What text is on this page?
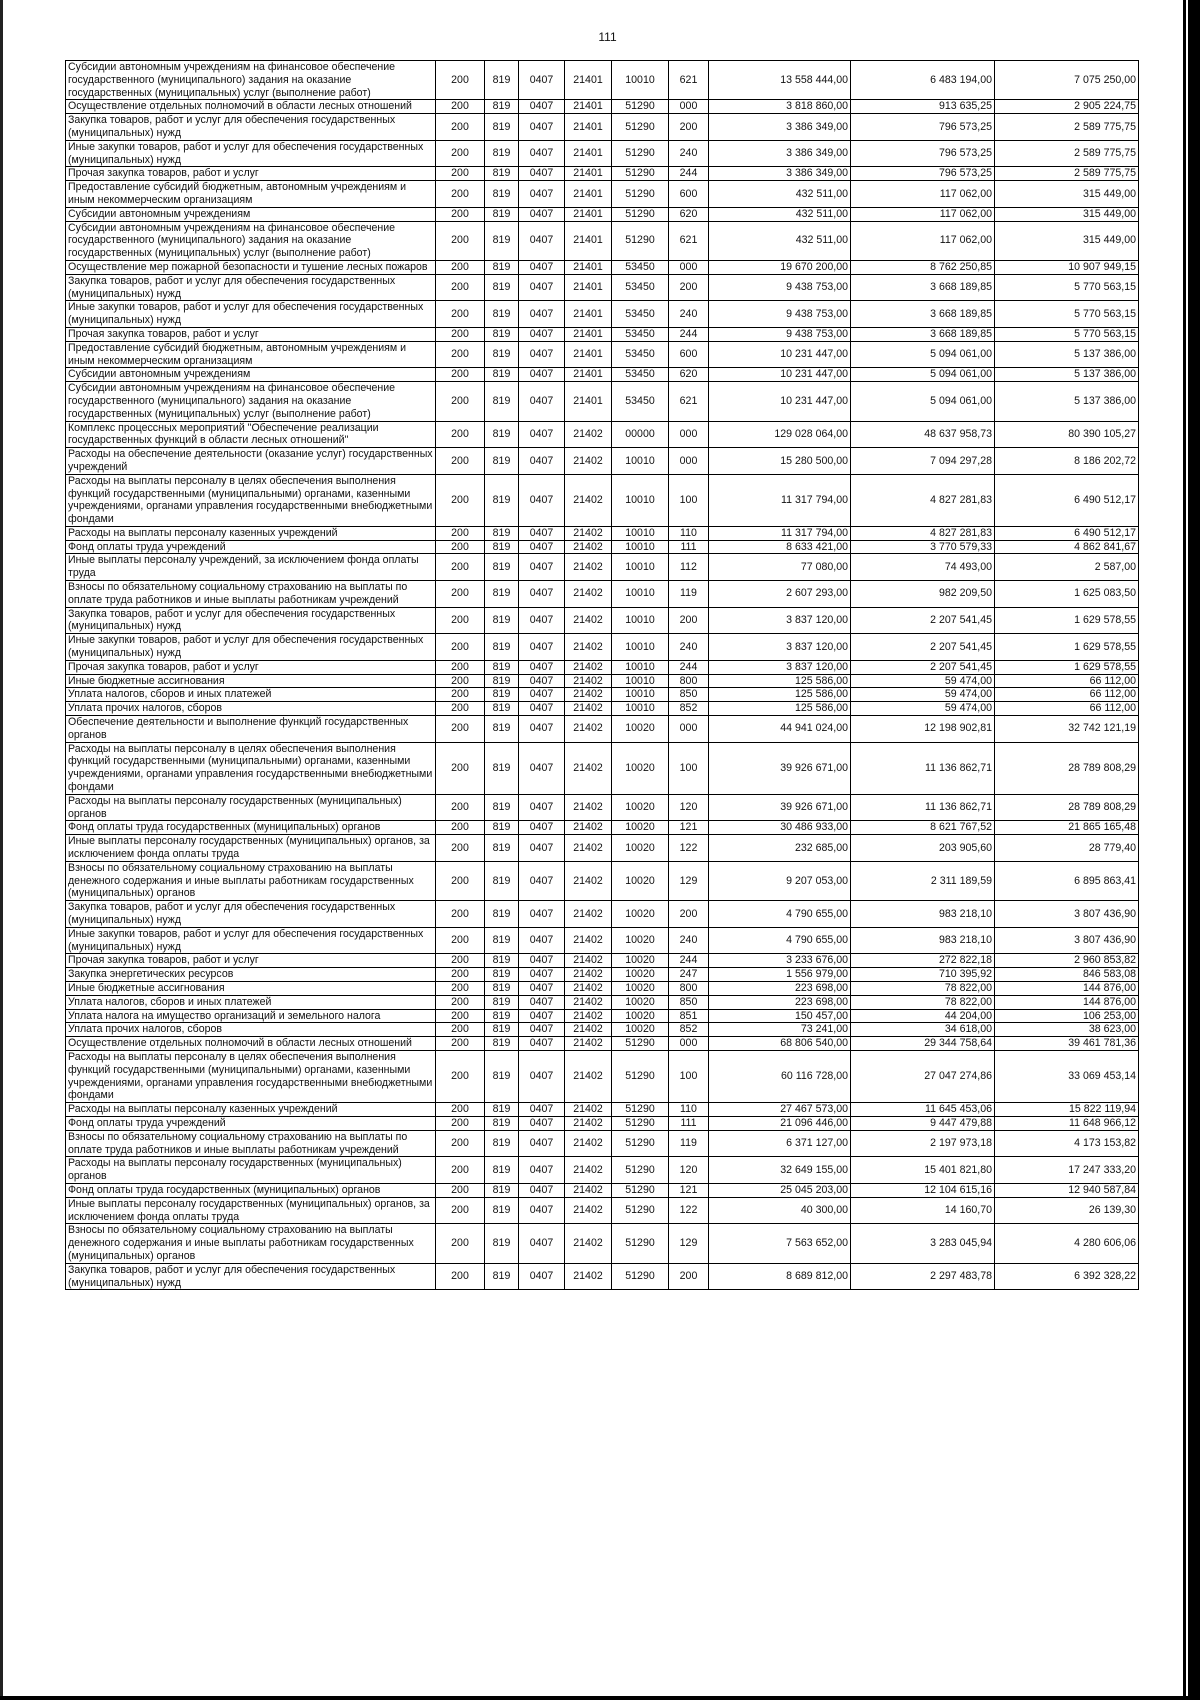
111
Субсидии автономным учреждениям на финансовое обеспечение государственного (муниципального) задания на оказание государственных (муниципальных) услуг (выполнение работ)	200	819	0407	21401	10010	621	13 558 444,00	6 483 194,00	7 075 250,00
Осуществление отдельных полномочий в области лесных отношений	200	819	0407	21401	51290	000	3 818 860,00	913 635,25	2 905 224,75
Закупка товаров, работ и услуг для обеспечения государственных (муниципальных) нужд	200	819	0407	21401	51290	200	3 386 349,00	796 573,25	2 589 775,75
Иные закупки товаров, работ и услуг для обеспечения государственных (муниципальных) нужд	200	819	0407	21401	51290	240	3 386 349,00	796 573,25	2 589 775,75
Прочая закупка товаров, работ и услуг	200	819	0407	21401	51290	244	3 386 349,00	796 573,25	2 589 775,75
Предоставление субсидий бюджетным, автономным учреждениям и иным некоммерческим организациям	200	819	0407	21401	51290	600	432 511,00	117 062,00	315 449,00
Субсидии автономным учреждениям	200	819	0407	21401	51290	620	432 511,00	117 062,00	315 449,00
Субсидии автономным учреждениям на финансовое обеспечение государственного (муниципального) задания на оказание государственных (муниципальных) услуг (выполнение работ)	200	819	0407	21401	51290	621	432 511,00	117 062,00	315 449,00
Осуществление мер пожарной безопасности и тушение лесных пожаров	200	819	0407	21401	53450	000	19 670 200,00	8 762 250,85	10 907 949,15
Закупка товаров, работ и услуг для обеспечения государственных (муниципальных) нужд	200	819	0407	21401	53450	200	9 438 753,00	3 668 189,85	5 770 563,15
Иные закупки товаров, работ и услуг для обеспечения государственных (муниципальных) нужд	200	819	0407	21401	53450	240	9 438 753,00	3 668 189,85	5 770 563,15
Прочая закупка товаров, работ и услуг	200	819	0407	21401	53450	244	9 438 753,00	3 668 189,85	5 770 563,15
Предоставление субсидий бюджетным, автономным учреждениям и иным некоммерческим организациям	200	819	0407	21401	53450	600	10 231 447,00	5 094 061,00	5 137 386,00
Субсидии автономным учреждениям	200	819	0407	21401	53450	620	10 231 447,00	5 094 061,00	5 137 386,00
Субсидии автономным учреждениям на финансовое обеспечение государственного (муниципального) задания на оказание государственных (муниципальных) услуг (выполнение работ)	200	819	0407	21401	53450	621	10 231 447,00	5 094 061,00	5 137 386,00
Комплекс процессных мероприятий "Обеспечение реализации государственных функций в области лесных отношений"	200	819	0407	21402	00000	000	129 028 064,00	48 637 958,73	80 390 105,27
Расходы на обеспечение деятельности (оказание услуг) государственных учреждений	200	819	0407	21402	10010	000	15 280 500,00	7 094 297,28	8 186 202,72
Расходы на выплаты персоналу в целях обеспечения выполнения функций государственными (муниципальными) органами, казенными учреждениями, органами управления государственными внебюджетными фондами	200	819	0407	21402	10010	100	11 317 794,00	4 827 281,83	6 490 512,17
Расходы на выплаты персоналу казенных учреждений	200	819	0407	21402	10010	110	11 317 794,00	4 827 281,83	6 490 512,17
Фонд оплаты труда учреждений	200	819	0407	21402	10010	111	8 633 421,00	3 770 579,33	4 862 841,67
Иные выплаты персоналу учреждений, за исключением фонда оплаты труда	200	819	0407	21402	10010	112	77 080,00	74 493,00	2 587,00
Взносы по обязательному социальному страхованию на выплаты по оплате труда работников и иные выплаты работникам учреждений	200	819	0407	21402	10010	119	2 607 293,00	982 209,50	1 625 083,50
Закупка товаров, работ и услуг для обеспечения государственных (муниципальных) нужд	200	819	0407	21402	10010	200	3 837 120,00	2 207 541,45	1 629 578,55
Иные закупки товаров, работ и услуг для обеспечения государственных (муниципальных) нужд	200	819	0407	21402	10010	240	3 837 120,00	2 207 541,45	1 629 578,55
Прочая закупка товаров, работ и услуг	200	819	0407	21402	10010	244	3 837 120,00	2 207 541,45	1 629 578,55
Иные бюджетные ассигнования	200	819	0407	21402	10010	800	125 586,00	59 474,00	66 112,00
Уплата налогов, сборов и иных платежей	200	819	0407	21402	10010	850	125 586,00	59 474,00	66 112,00
Уплата прочих налогов, сборов	200	819	0407	21402	10010	852	125 586,00	59 474,00	66 112,00
Обеспечение деятельности и выполнение функций государственных органов	200	819	0407	21402	10020	000	44 941 024,00	12 198 902,81	32 742 121,19
Расходы на выплаты персоналу в целях обеспечения выполнения функций государственными (муниципальными) органами, казенными учреждениями, органами управления государственными внебюджетными фондами	200	819	0407	21402	10020	100	39 926 671,00	11 136 862,71	28 789 808,29
Расходы на выплаты персоналу государственных (муниципальных) органов	200	819	0407	21402	10020	120	39 926 671,00	11 136 862,71	28 789 808,29
Фонд оплаты труда государственных (муниципальных) органов	200	819	0407	21402	10020	121	30 486 933,00	8 621 767,52	21 865 165,48
Иные выплаты персоналу государственных (муниципальных) органов, за исключением фонда оплаты труда	200	819	0407	21402	10020	122	232 685,00	203 905,60	28 779,40
Взносы по обязательному социальному страхованию на выплаты денежного содержания и иные выплаты работникам государственных (муниципальных) органов	200	819	0407	21402	10020	129	9 207 053,00	2 311 189,59	6 895 863,41
Закупка товаров, работ и услуг для обеспечения государственных (муниципальных) нужд	200	819	0407	21402	10020	200	4 790 655,00	983 218,10	3 807 436,90
Иные закупки товаров, работ и услуг для обеспечения государственных (муниципальных) нужд	200	819	0407	21402	10020	240	4 790 655,00	983 218,10	3 807 436,90
Прочая закупка товаров, работ и услуг	200	819	0407	21402	10020	244	3 233 676,00	272 822,18	2 960 853,82
Закупка энергетических ресурсов	200	819	0407	21402	10020	247	1 556 979,00	710 395,92	846 583,08
Иные бюджетные ассигнования	200	819	0407	21402	10020	800	223 698,00	78 822,00	144 876,00
Уплата налогов, сборов и иных платежей	200	819	0407	21402	10020	850	223 698,00	78 822,00	144 876,00
Уплата налога на имущество организаций и земельного налога	200	819	0407	21402	10020	851	150 457,00	44 204,00	106 253,00
Уплата прочих налогов, сборов	200	819	0407	21402	10020	852	73 241,00	34 618,00	38 623,00
Осуществление отдельных полномочий в области лесных отношений	200	819	0407	21402	51290	000	68 806 540,00	29 344 758,64	39 461 781,36
Расходы на выплаты персоналу в целях обеспечения выполнения функций государственными (муниципальными) органами, казенными учреждениями, органами управления государственными внебюджетными фондами	200	819	0407	21402	51290	100	60 116 728,00	27 047 274,86	33 069 453,14
Расходы на выплаты персоналу казенных учреждений	200	819	0407	21402	51290	110	27 467 573,00	11 645 453,06	15 822 119,94
Фонд оплаты труда учреждений	200	819	0407	21402	51290	111	21 096 446,00	9 447 479,88	11 648 966,12
Взносы по обязательному социальному страхованию на выплаты по оплате труда работников и иные выплаты работникам учреждений	200	819	0407	21402	51290	119	6 371 127,00	2 197 973,18	4 173 153,82
Расходы на выплаты персоналу государственных (муниципальных) органов	200	819	0407	21402	51290	120	32 649 155,00	15 401 821,80	17 247 333,20
Фонд оплаты труда государственных (муниципальных) органов	200	819	0407	21402	51290	121	25 045 203,00	12 104 615,16	12 940 587,84
Иные выплаты персоналу государственных (муниципальных) органов, за исключением фонда оплаты труда	200	819	0407	21402	51290	122	40 300,00	14 160,70	26 139,30
Взносы по обязательному социальному страхованию на выплаты денежного содержания и иные выплаты работникам государственных (муниципальных) органов	200	819	0407	21402	51290	129	7 563 652,00	3 283 045,94	4 280 606,06
Закупка товаров, работ и услуг для обеспечения государственных (муниципальных) нужд	200	819	0407	21402	51290	200	8 689 812,00	2 297 483,78	6 392 328,22
